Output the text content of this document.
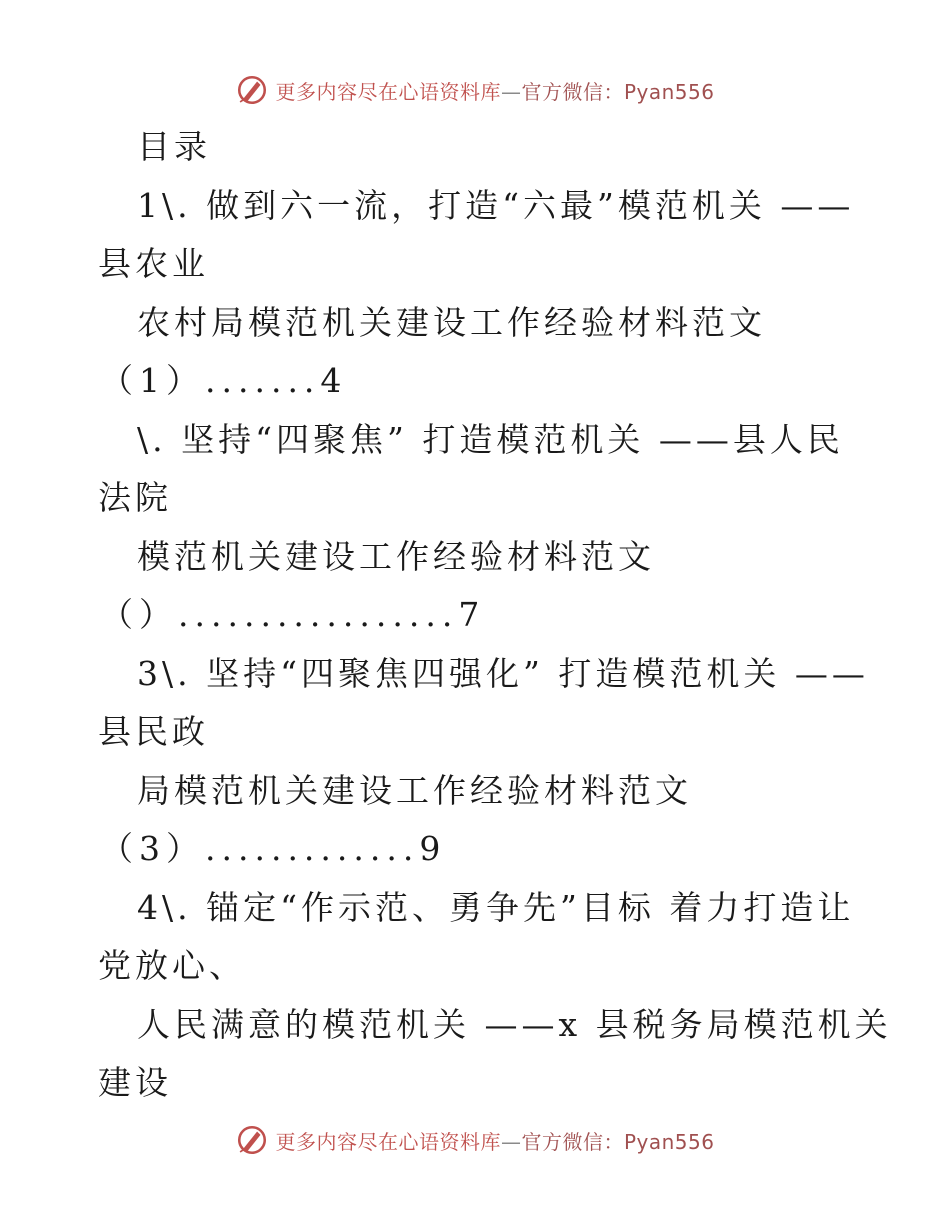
更多内容尽在心语资料库—官方微信：Pyan556
目录
1\. 做到六一流，打造“六最”模范机关 ——
县农业
农村局模范机关建设工作经验材料范文
（1）.......4
\. 坚持“四聚焦” 打造模范机关 ——县人民
法院
模范机关建设工作经验材料范文
（）.................7
3\. 坚持“四聚焦四强化” 打造模范机关 ——
县民政
局模范机关建设工作经验材料范文
（3）.............9
4\. 锚定“作示范、勇争先”目标 着力打造让
党放心、
人民满意的模范机关 ——x 县税务局模范机关
建设
更多内容尽在心语资料库—官方微信：Pyan556
